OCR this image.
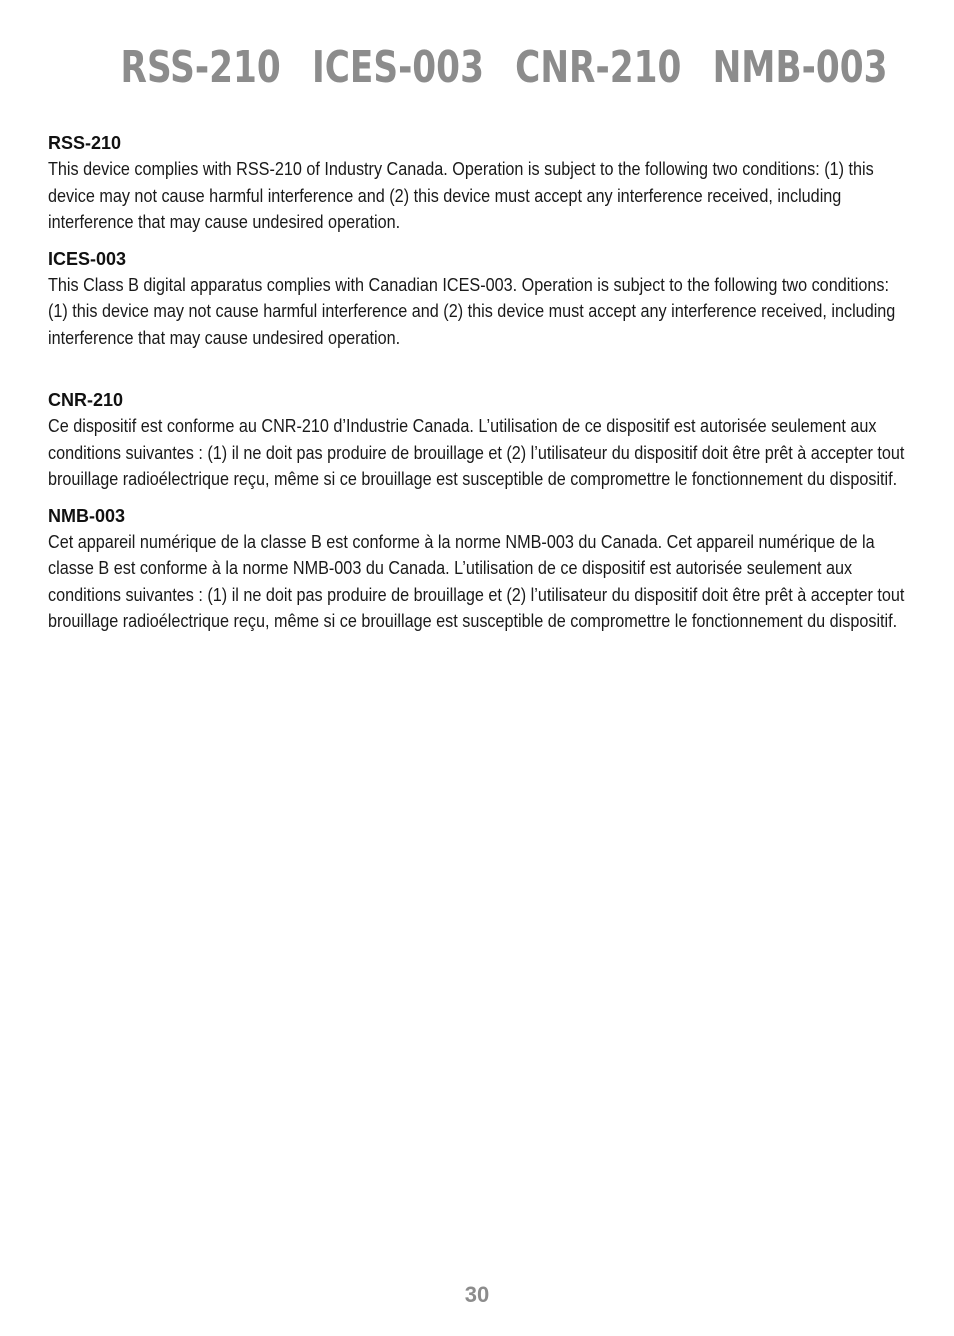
RSS-210 ICES-003 CNR-210 NMB-003
RSS-210

This device complies with RSS-210 of Industry Canada. Operation is subject to the following two conditions: (1) this device may not cause harmful interference and (2) this device must accept any interference received, including interference that may cause undesired operation.

ICES-003

This Class B digital apparatus complies with Canadian ICES-003. Operation is subject to the following two conditions: (1) this device may not cause harmful interference and (2) this device must accept any interference received, including interference that may cause undesired operation.

CNR-210

Ce dispositif est conforme au CNR-210 d’Industrie Canada. L’utilisation de ce dispositif est autorisée seulement aux conditions suivantes : (1) il ne doit pas produire de brouillage et (2) l’utilisateur du dispositif doit être prêt à accepter tout brouillage radioélectrique reçu, même si ce brouillage est susceptible de compromettre le fonctionnement du dispositif.

NMB-003

Cet appareil numérique de la classe B est conforme à la norme NMB-003 du Canada. Cet appareil numérique de la classe B est conforme à la norme NMB-003 du Canada. L’utilisation de ce dispositif est autorisée seulement aux conditions suivantes : (1) il ne doit pas produire de brouillage et (2) l’utilisateur du dispositif doit être prêt à accepter tout brouillage radioélectrique reçu, même si ce brouillage est susceptible de compromettre le fonctionnement du dispositif.

30
